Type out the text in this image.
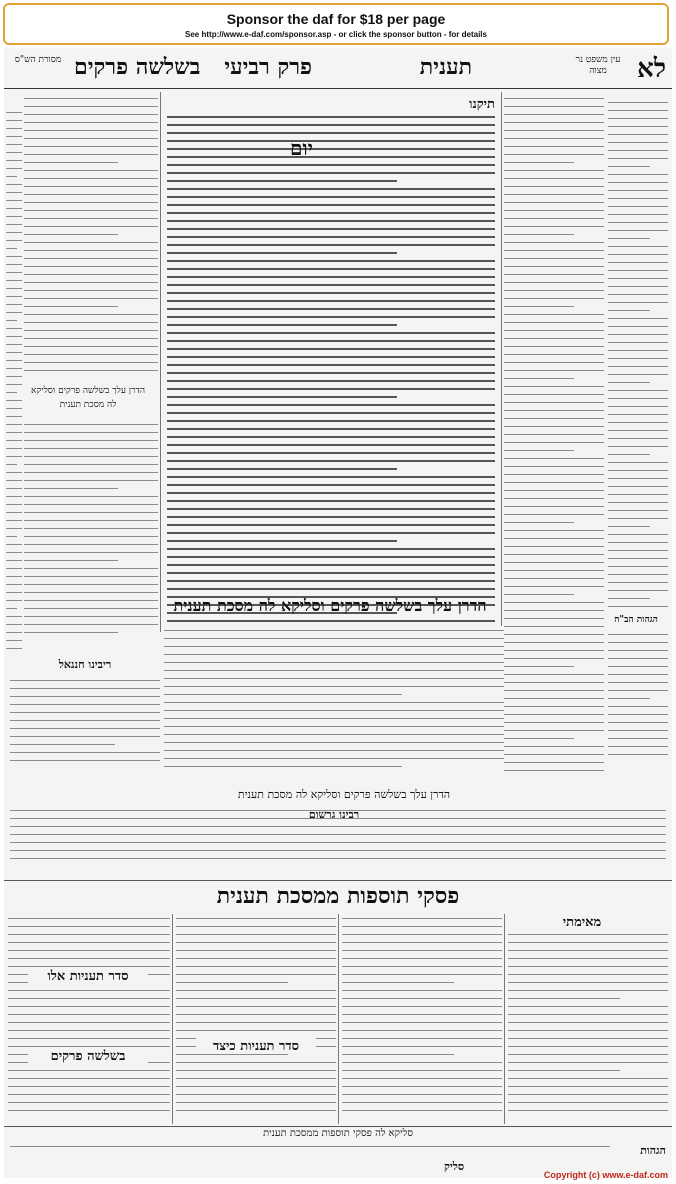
Sponsor the daf for $18 per page
See http://www.e-daf.com/sponsor.asp - or click the sponsor button - for details
לא
עין משפט נר מצוה
תענית
פרק רביעי
בשלשה פרקים
מסורת הש"ס
הגהות הב"ח
תיקנו
יום
הדרן עלך בשלשה פרקים וסליקא לה מסכת תענית
הדרן עלך בשלשה פרקים וסליקא לה מסכת תענית
ריבינו חננאל
הדרן עלך בשלשה פרקים וסליקא לה מסכת תענית
רבינו גרשום
פסקי תוספות ממסכת תענית
מאימתי
סדר תעניות כיצד
סדר תעניות אלו
בשלשה פרקים
סליקא לה פסקי תוספות ממסכת תענית
הגהות
סליק
Copyright (c) www.e-daf.com
